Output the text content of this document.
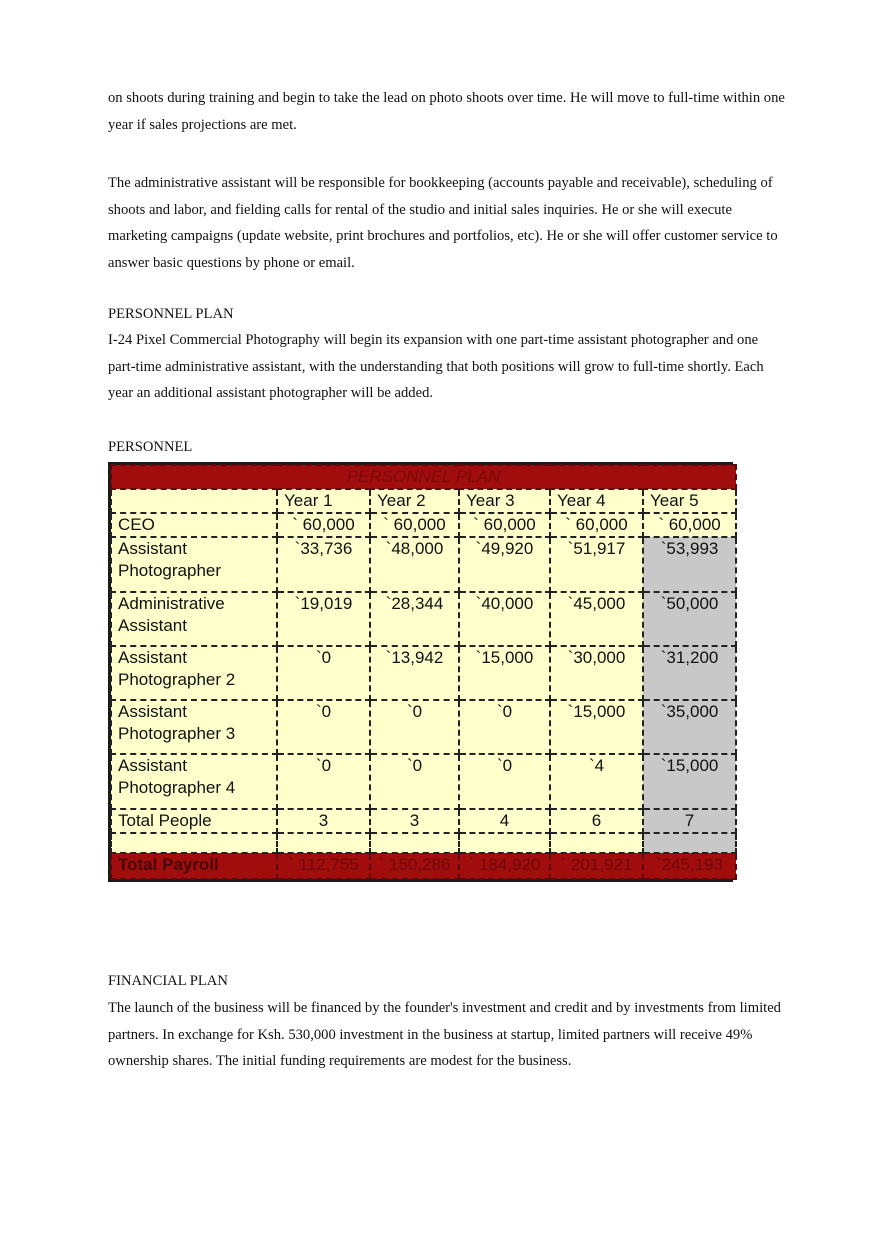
on shoots during training and begin to take the lead on photo shoots over time. He will move to full-time within one year if sales projections are met.

The administrative assistant will be responsible for bookkeeping (accounts payable and receivable), scheduling of shoots and labor, and fielding calls for rental of the studio and initial sales inquiries. He or she will execute marketing campaigns (update website, print brochures and portfolios, etc). He or she will offer customer service to answer basic questions by phone or email.

PERSONNEL PLAN

I-24 Pixel Commercial Photography will begin its expansion with one part-time assistant photographer and one part-time administrative assistant, with the understanding that both positions will grow to full-time shortly. Each year an additional assistant photographer will be added.

PERSONNEL

PERSONNEL PLAN					
	Year 1	Year 2	Year 3	Year 4	Year 5
CEO	` 60,000	` 60,000	` 60,000	` 60,000	` 60,000
Assistant Photographer	`33,736	`48,000	`49,920	`51,917	`53,993
Administrative Assistant	`19,019	`28,344	`40,000	`45,000	`50,000
Assistant Photographer 2	`0	`13,942	`15,000	`30,000	`31,200
Assistant Photographer 3	`0	`0	`0	`15,000	`35,000
Assistant Photographer 4	`0	`0	`0	`4	`15,000
Total People	3	3	4	6	7

Total Payroll	` 112,755	` 150,286	` 184,920	` 201,921	`245,193

FINANCIAL PLAN

The launch of the business will be financed by the founder's investment and credit and by investments from limited partners. In exchange for Ksh. 530,000 investment in the business at startup, limited partners will receive 49% ownership shares. The initial funding requirements are modest for the business.
